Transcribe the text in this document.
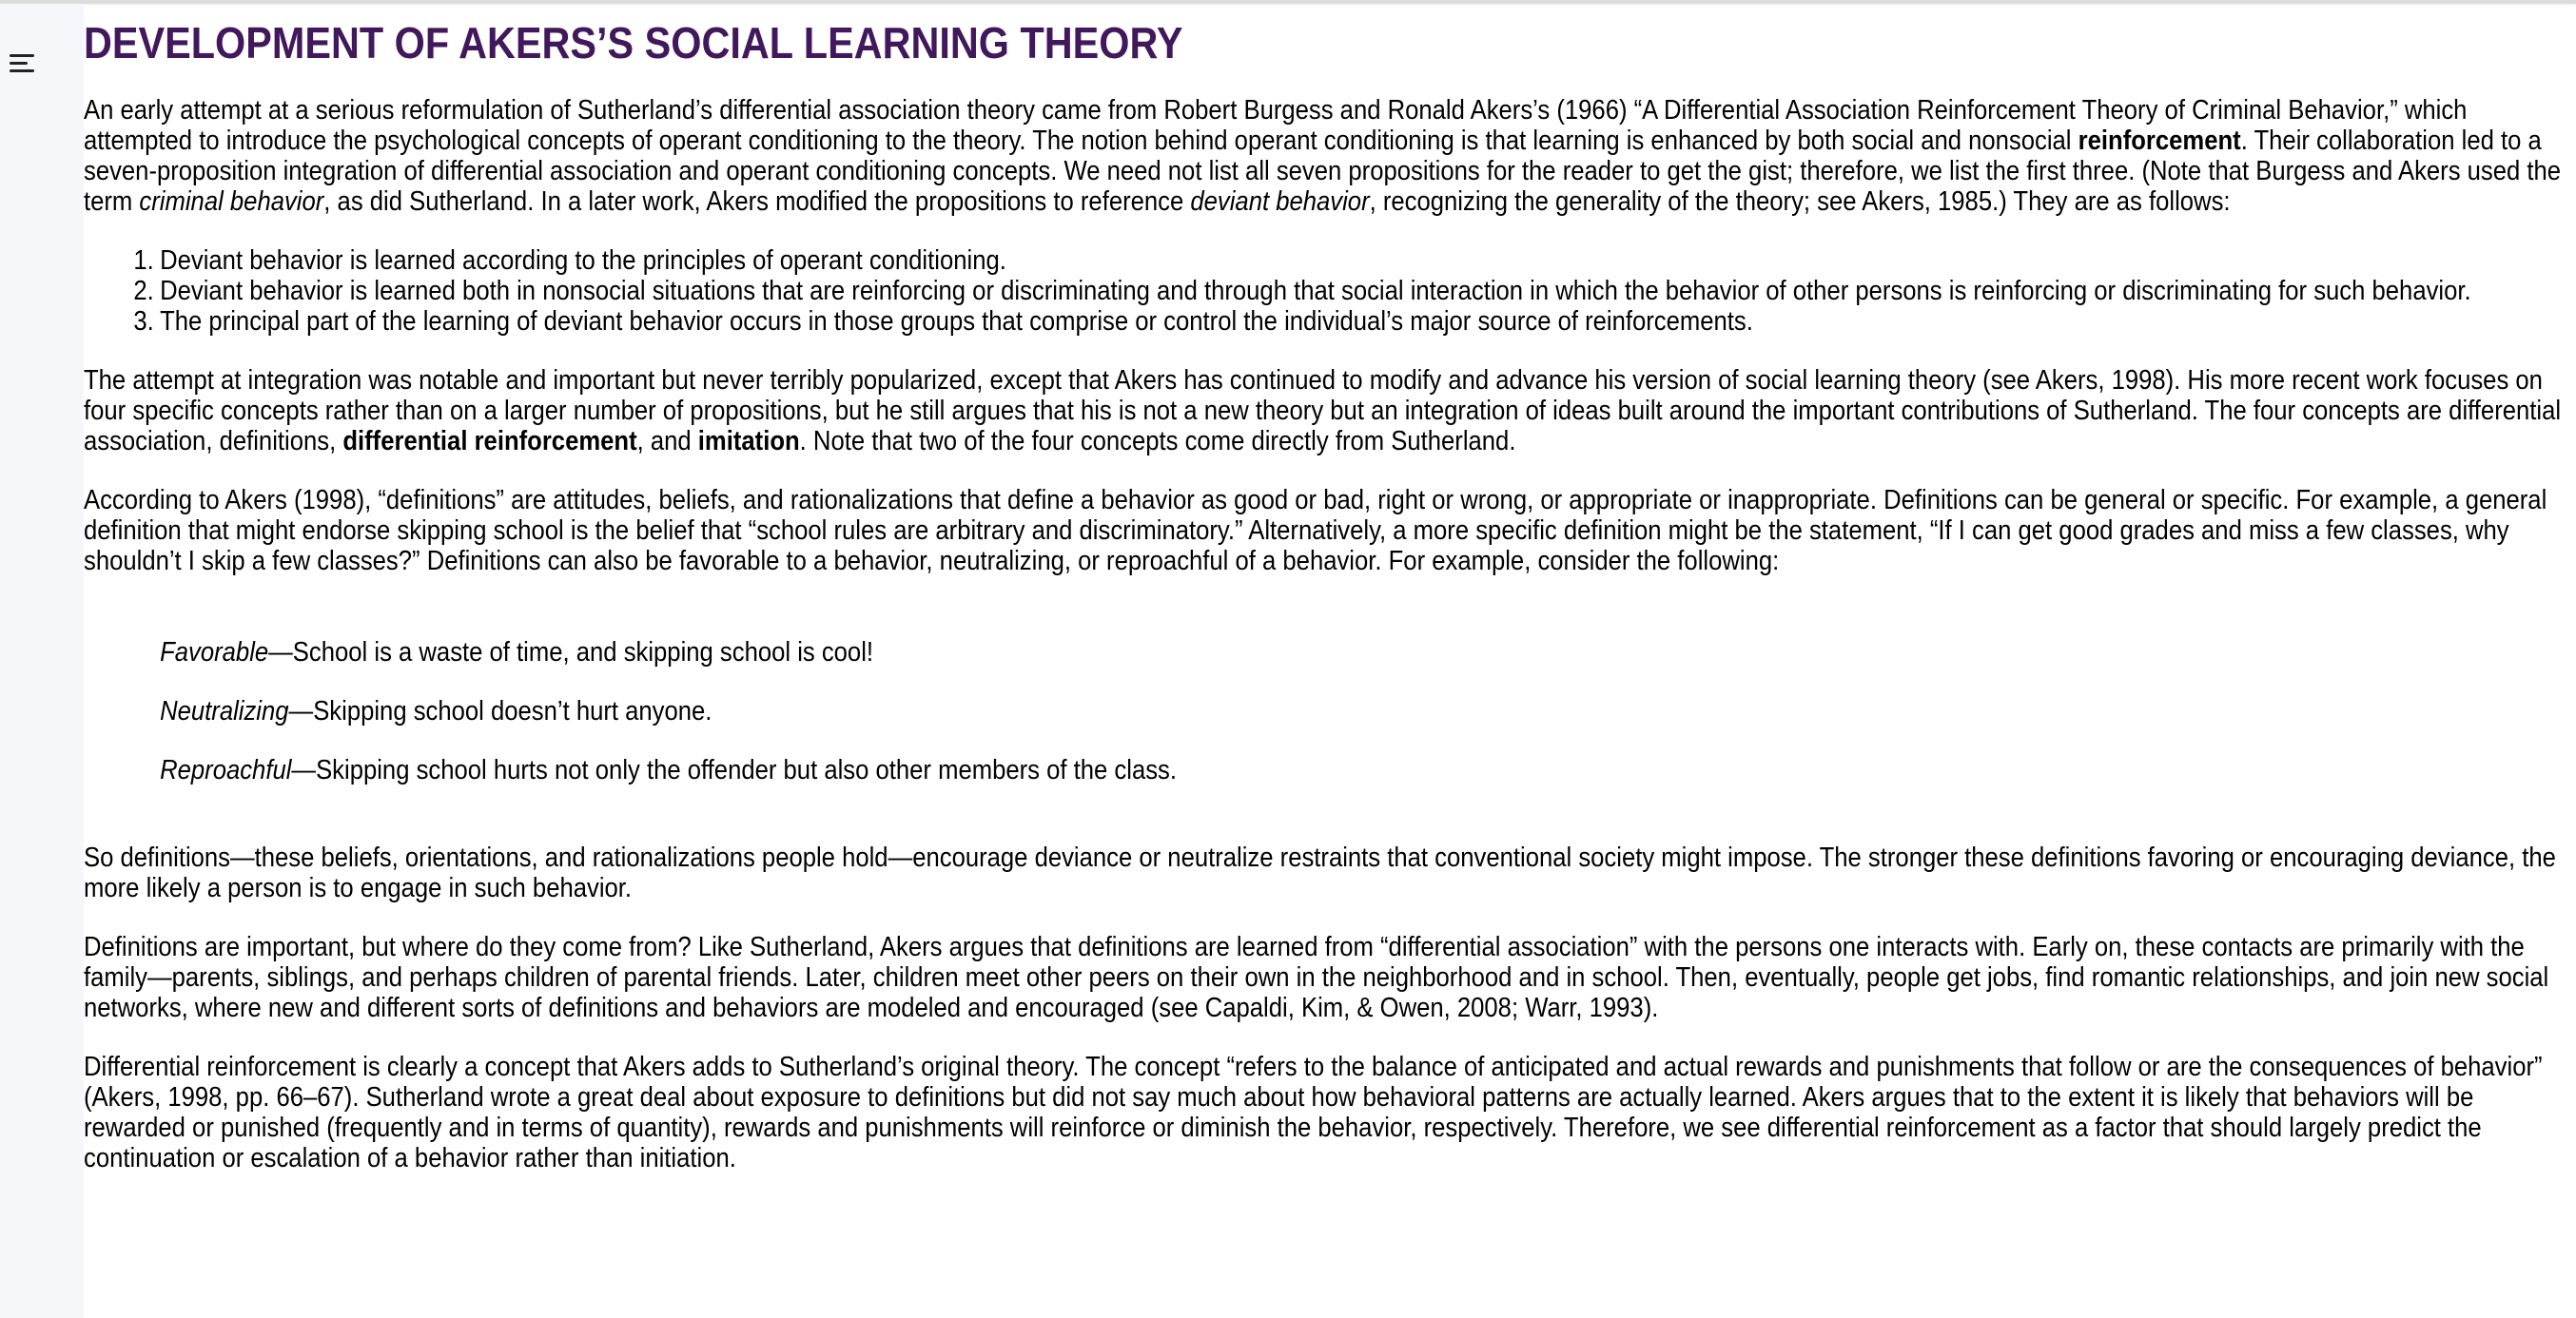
DEVELOPMENT OF AKERS’S SOCIAL LEARNING THEORY

An early attempt at a serious reformulation of Sutherland’s differential association theory came from Robert Burgess and Ronald Akers’s (1966) “A Differential Association Reinforcement Theory of Criminal Behavior,” which attempted to introduce the psychological concepts of operant conditioning to the theory. The notion behind operant conditioning is that learning is enhanced by both social and nonsocial reinforcement. Their collaboration led to a seven-proposition integration of differential association and operant conditioning concepts. We need not list all seven propositions for the reader to get the gist; therefore, we list the first three. (Note that Burgess and Akers used the term criminal behavior, as did Sutherland. In a later work, Akers modified the propositions to reference deviant behavior, recognizing the generality of the theory; see Akers, 1985.) They are as follows:

1. Deviant behavior is learned according to the principles of operant conditioning.
2. Deviant behavior is learned both in nonsocial situations that are reinforcing or discriminating and through that social interaction in which the behavior of other persons is reinforcing or discriminating for such behavior.
3. The principal part of the learning of deviant behavior occurs in those groups that comprise or control the individual’s major source of reinforcements.

The attempt at integration was notable and important but never terribly popularized, except that Akers has continued to modify and advance his version of social learning theory (see Akers, 1998). His more recent work focuses on four specific concepts rather than on a larger number of propositions, but he still argues that his is not a new theory but an integration of ideas built around the important contributions of Sutherland. The four concepts are differential association, definitions, differential reinforcement, and imitation. Note that two of the four concepts come directly from Sutherland.

According to Akers (1998), “definitions” are attitudes, beliefs, and rationalizations that define a behavior as good or bad, right or wrong, or appropriate or inappropriate. Definitions can be general or specific. For example, a general definition that might endorse skipping school is the belief that “school rules are arbitrary and discriminatory.” Alternatively, a more specific definition might be the statement, “If I can get good grades and miss a few classes, why shouldn’t I skip a few classes?” Definitions can also be favorable to a behavior, neutralizing, or reproachful of a behavior. For example, consider the following:

Favorable—School is a waste of time, and skipping school is cool!
Neutralizing—Skipping school doesn’t hurt anyone.
Reproachful—Skipping school hurts not only the offender but also other members of the class.

So definitions—these beliefs, orientations, and rationalizations people hold—encourage deviance or neutralize restraints that conventional society might impose. The stronger these definitions favoring or encouraging deviance, the more likely a person is to engage in such behavior.

Definitions are important, but where do they come from? Like Sutherland, Akers argues that definitions are learned from “differential association” with the persons one interacts with. Early on, these contacts are primarily with the family—parents, siblings, and perhaps children of parental friends. Later, children meet other peers on their own in the neighborhood and in school. Then, eventually, people get jobs, find romantic relationships, and join new social networks, where new and different sorts of definitions and behaviors are modeled and encouraged (see Capaldi, Kim, & Owen, 2008; Warr, 1993).

Differential reinforcement is clearly a concept that Akers adds to Sutherland’s original theory. The concept “refers to the balance of anticipated and actual rewards and punishments that follow or are the consequences of behavior” (Akers, 1998, pp. 66–67). Sutherland wrote a great deal about exposure to definitions but did not say much about how behavioral patterns are actually learned. Akers argues that to the extent it is likely that behaviors will be rewarded or punished (frequently and in terms of quantity), rewards and punishments will reinforce or diminish the behavior, respectively. Therefore, we see differential reinforcement as a factor that should largely predict the continuation or escalation of a behavior rather than initiation.
